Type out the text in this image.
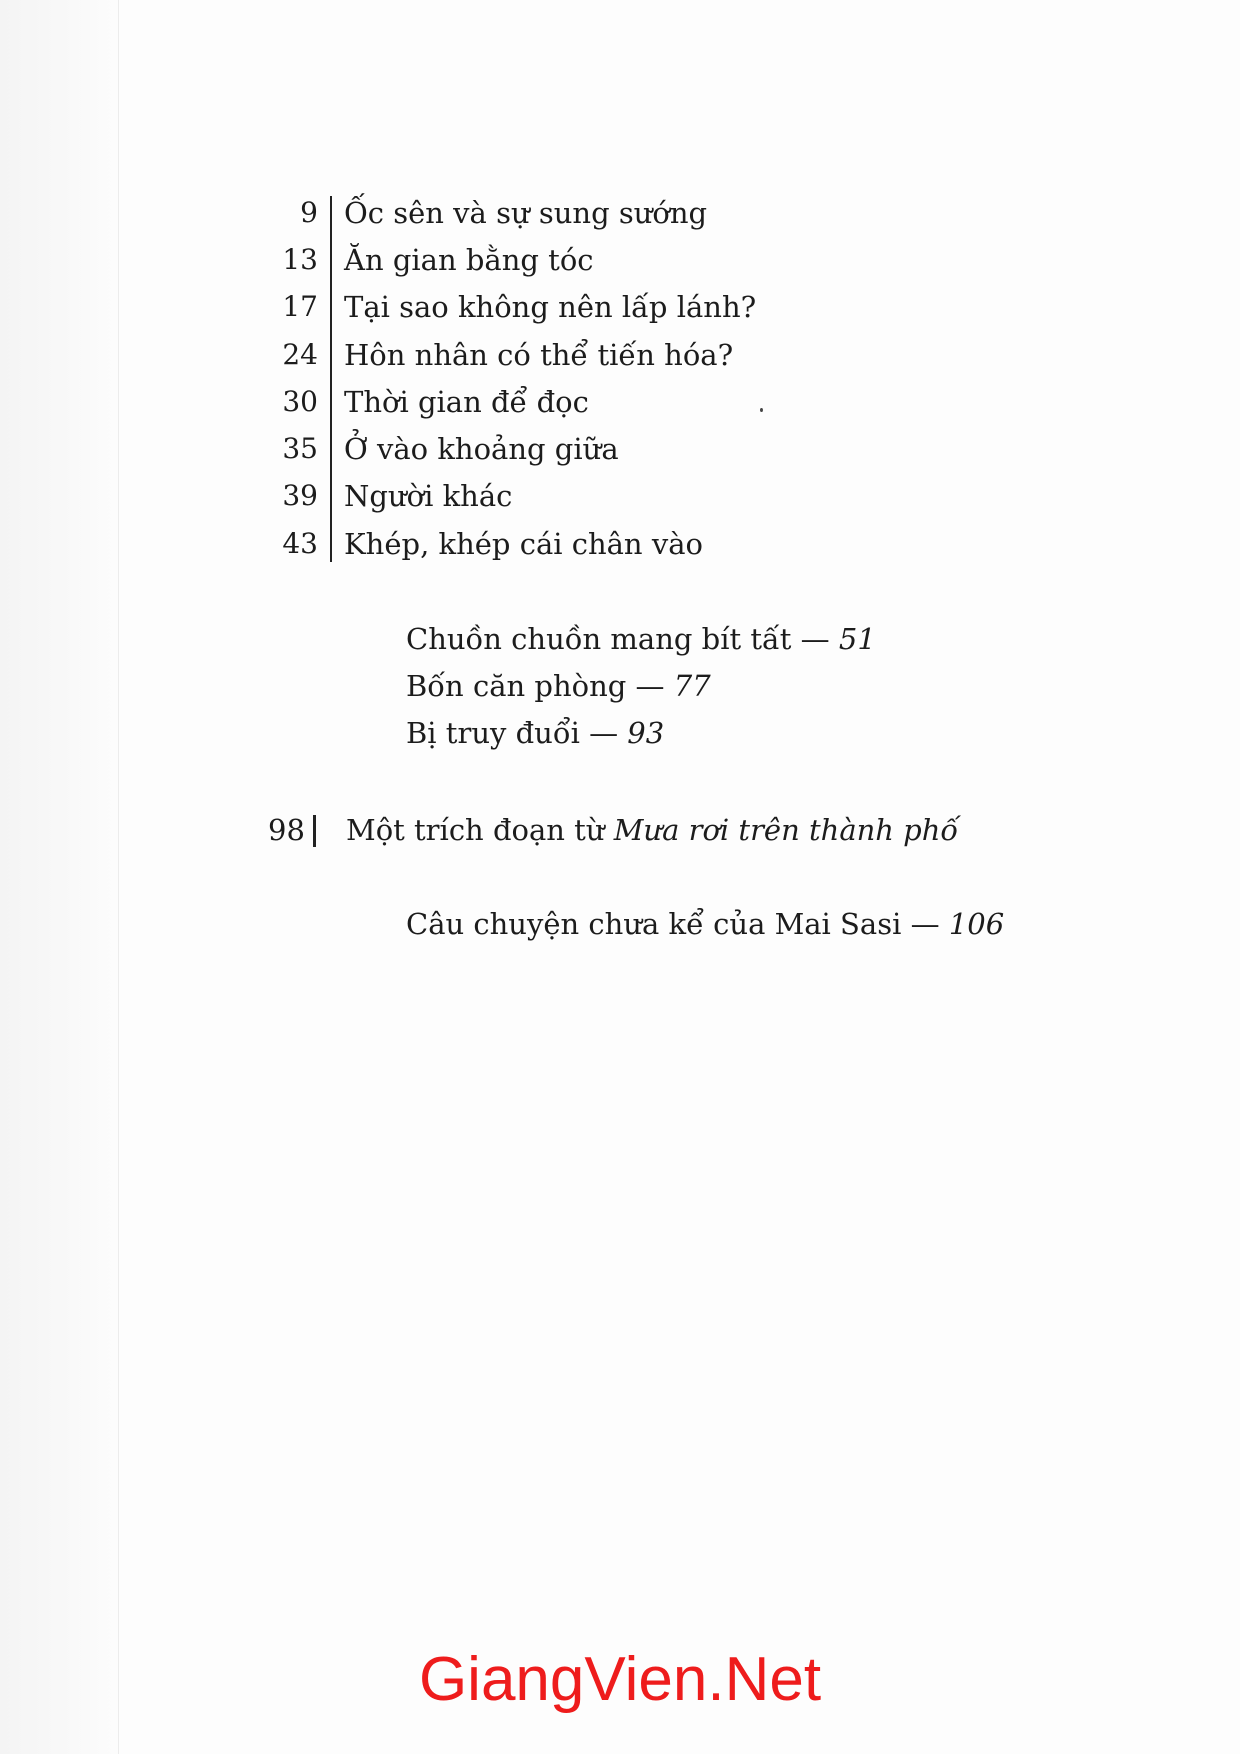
9 Ốc sên và sự sung sướng
13 Ăn gian bằng tóc
17 Tại sao không nên lấp lánh?
24 Hôn nhân có thể tiến hóa?
30 Thời gian để đọc
35 Ở vào khoảng giữa
39 Người khác
43 Khép, khép cái chân vào
Chuồn chuồn mang bít tất — 51
Bốn căn phòng — 77
Bị truy đuổi — 93
98 Một trích đoạn từ Mưa rơi trên thành phố
Câu chuyện chưa kể của Mai Sasi — 106
GiangVien.Net
